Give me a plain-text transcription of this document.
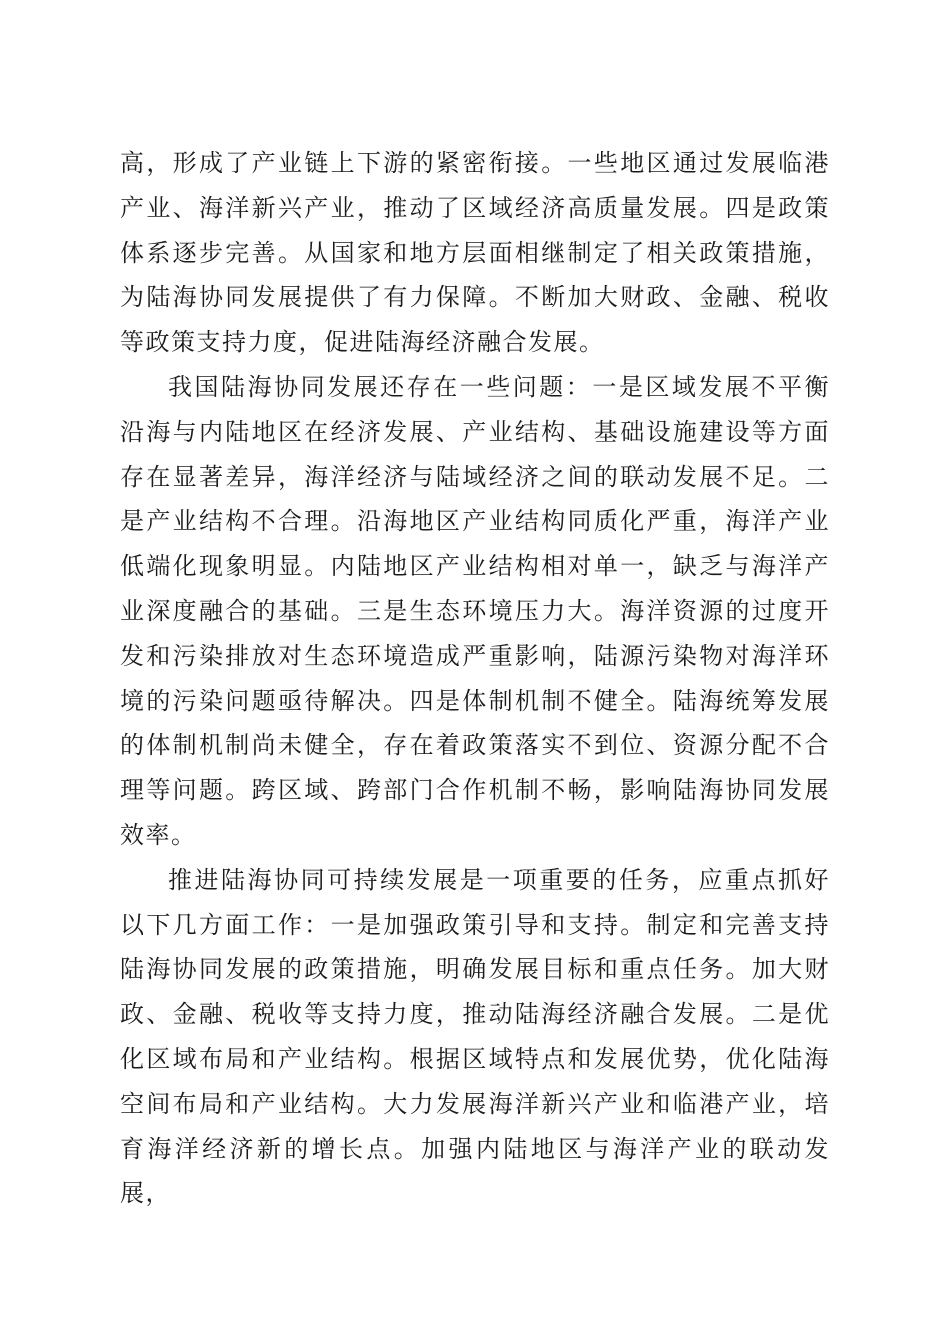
高，形成了产业链上下游的紧密衔接。一些地区通过发展临港产业、海洋新兴产业，推动了区域经济高质量发展。四是政策体系逐步完善。从国家和地方层面相继制定了相关政策措施，为陆海协同发展提供了有力保障。不断加大财政、金融、税收等政策支持力度，促进陆海经济融合发展。

我国陆海协同发展还存在一些问题：一是区域发展不平衡沿海与内陆地区在经济发展、产业结构、基础设施建设等方面存在显著差异，海洋经济与陆域经济之间的联动发展不足。二是产业结构不合理。沿海地区产业结构同质化严重，海洋产业低端化现象明显。内陆地区产业结构相对单一，缺乏与海洋产业深度融合的基础。三是生态环境压力大。海洋资源的过度开发和污染排放对生态环境造成严重影响，陆源污染物对海洋环境的污染问题亟待解决。四是体制机制不健全。陆海统筹发展的体制机制尚未健全，存在着政策落实不到位、资源分配不合理等问题。跨区域、跨部门合作机制不畅，影响陆海协同发展效率。

推进陆海协同可持续发展是一项重要的任务，应重点抓好以下几方面工作：一是加强政策引导和支持。制定和完善支持陆海协同发展的政策措施，明确发展目标和重点任务。加大财政、金融、税收等支持力度，推动陆海经济融合发展。二是优化区域布局和产业结构。根据区域特点和发展优势，优化陆海空间布局和产业结构。大力发展海洋新兴产业和临港产业，培育海洋经济新的增长点。加强内陆地区与海洋产业的联动发展，
